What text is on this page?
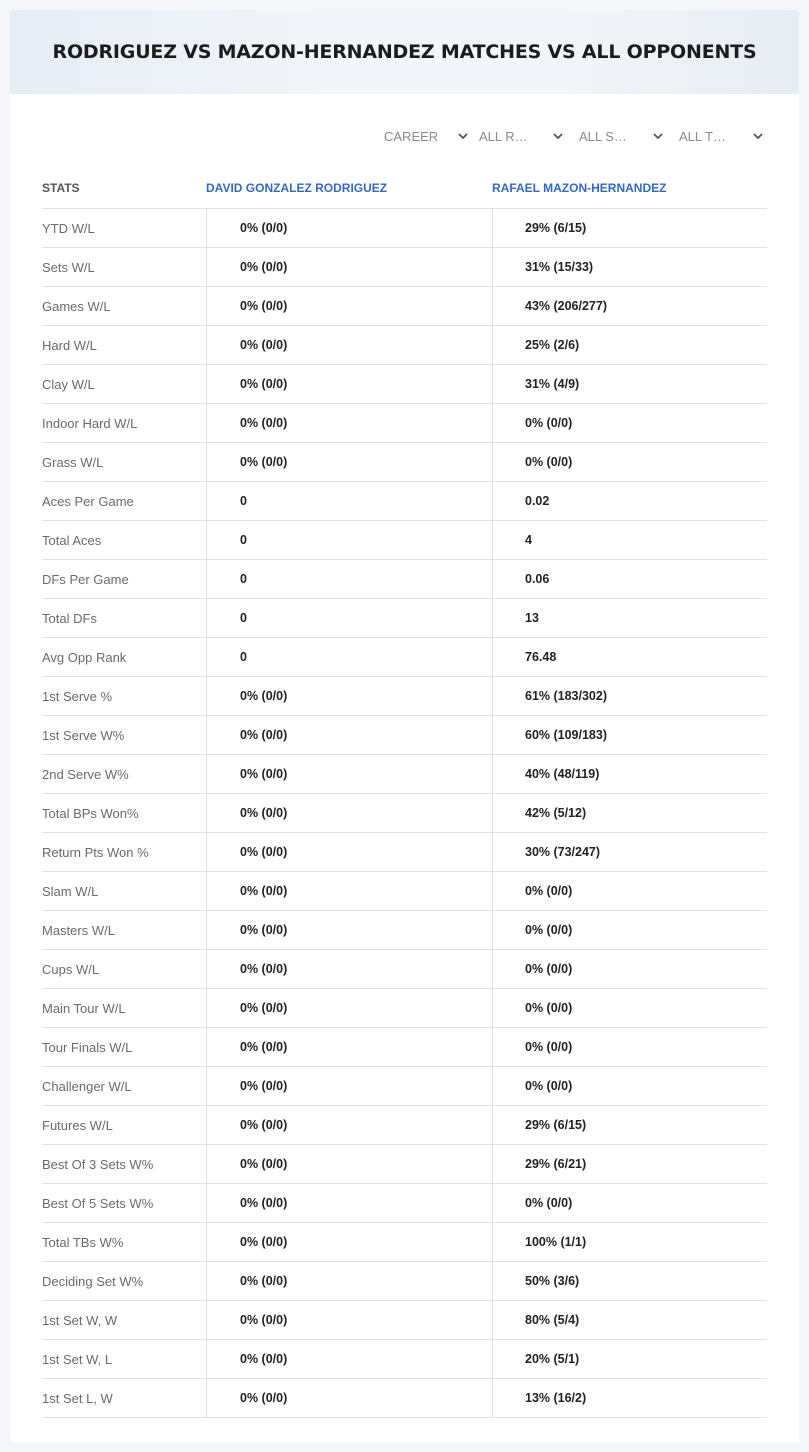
RODRIGUEZ VS MAZON-HERNANDEZ MATCHES VS ALL OPPONENTS
CAREER	ALL R…	ALL S…	ALL T…
STATS	DAVID GONZALEZ RODRIGUEZ	RAFAEL MAZON-HERNANDEZ
YTD W/L	0% (0/0)	29% (6/15)
Sets W/L	0% (0/0)	31% (15/33)
Games W/L	0% (0/0)	43% (206/277)
Hard W/L	0% (0/0)	25% (2/6)
Clay W/L	0% (0/0)	31% (4/9)
Indoor Hard W/L	0% (0/0)	0% (0/0)
Grass W/L	0% (0/0)	0% (0/0)
Aces Per Game	0	0.02
Total Aces	0	4
DFs Per Game	0	0.06
Total DFs	0	13
Avg Opp Rank	0	76.48
1st Serve %	0% (0/0)	61% (183/302)
1st Serve W%	0% (0/0)	60% (109/183)
2nd Serve W%	0% (0/0)	40% (48/119)
Total BPs Won%	0% (0/0)	42% (5/12)
Return Pts Won %	0% (0/0)	30% (73/247)
Slam W/L	0% (0/0)	0% (0/0)
Masters W/L	0% (0/0)	0% (0/0)
Cups W/L	0% (0/0)	0% (0/0)
Main Tour W/L	0% (0/0)	0% (0/0)
Tour Finals W/L	0% (0/0)	0% (0/0)
Challenger W/L	0% (0/0)	0% (0/0)
Futures W/L	0% (0/0)	29% (6/15)
Best Of 3 Sets W%	0% (0/0)	29% (6/21)
Best Of 5 Sets W%	0% (0/0)	0% (0/0)
Total TBs W%	0% (0/0)	100% (1/1)
Deciding Set W%	0% (0/0)	50% (3/6)
1st Set W, W	0% (0/0)	80% (5/4)
1st Set W, L	0% (0/0)	20% (5/1)
1st Set L, W	0% (0/0)	13% (16/2)
